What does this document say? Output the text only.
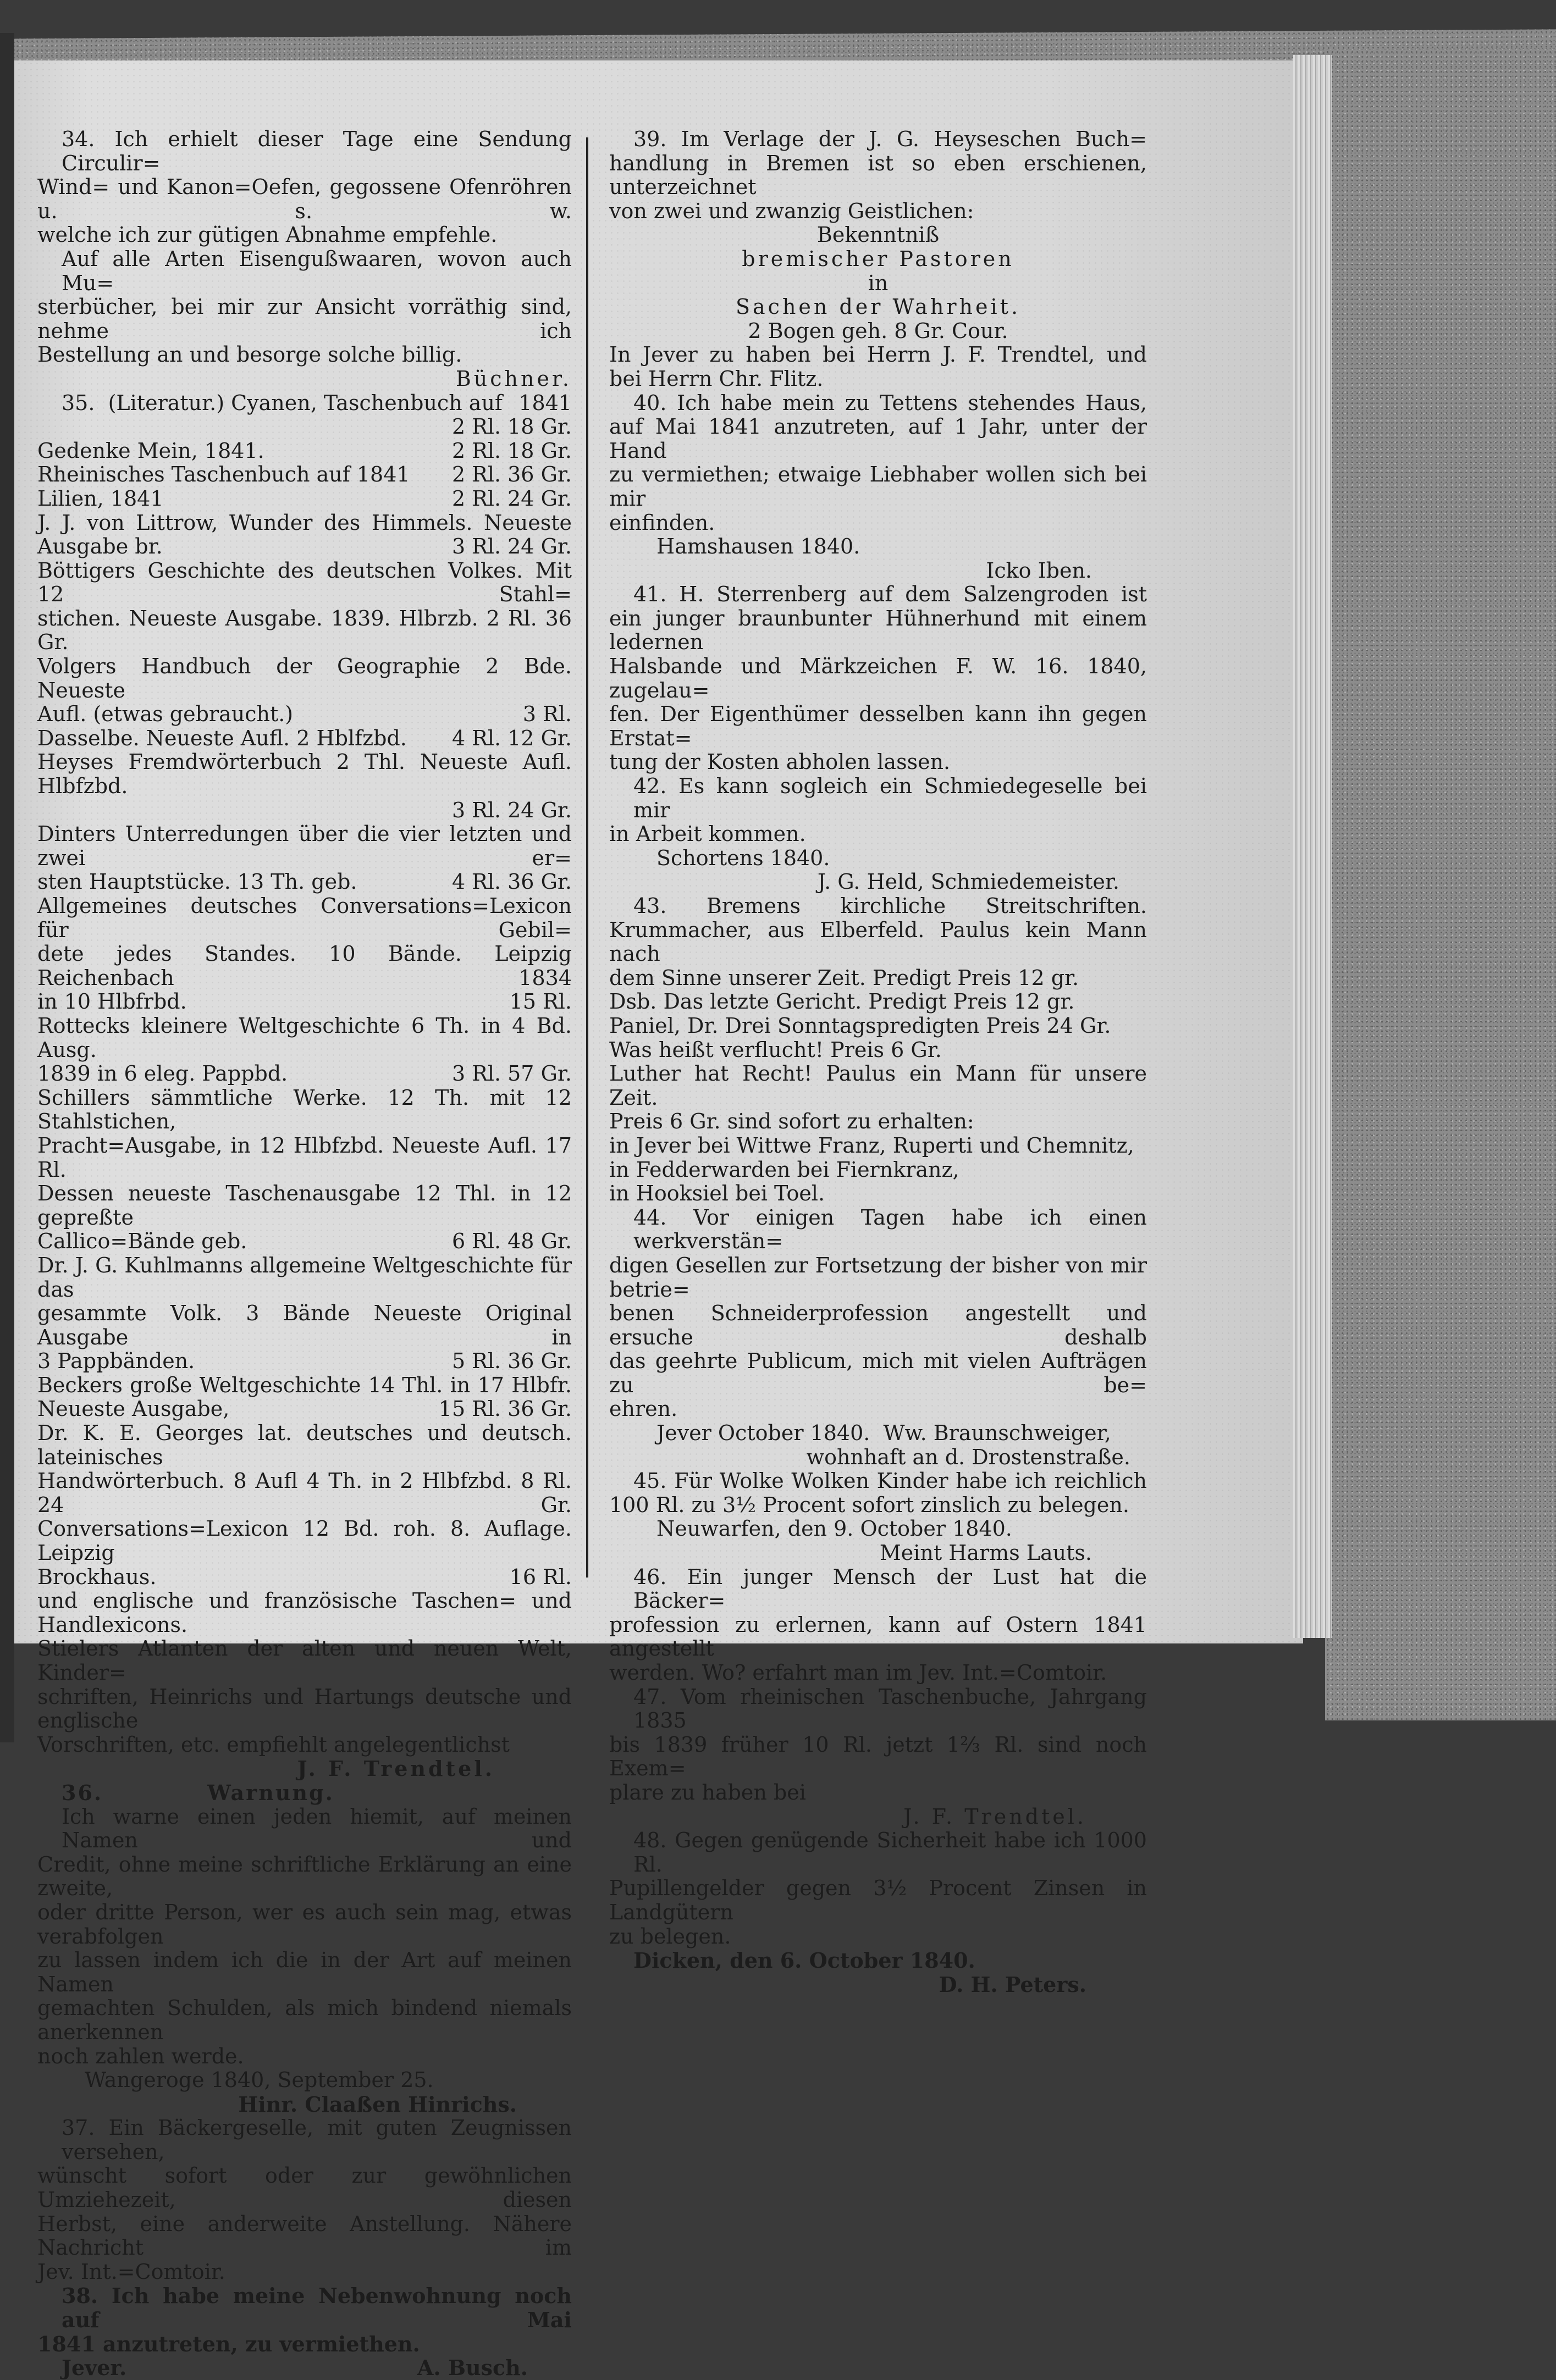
34. Ich erhielt dieser Tage eine Sendung Circulir=

Wind= und Kanon=Oefen, gegossene Ofenröhren u. s. w.

welche ich zur gütigen Abnahme empfehle.

Auf alle Arten Eisengußwaaren, wovon auch Mu=

sterbücher, bei mir zur Ansicht vorräthig sind, nehme ich

Bestellung an und besorge solche billig.

Büchner.

35.  (Literatur.) Cyanen, Taschenbuch auf 1841
2 Rl. 18 Gr.
Gedenke Mein, 1841.	2 Rl. 18 Gr.
Rheinisches Taschenbuch auf 1841 2 Rl. 36 Gr.
Lilien, 1841	2 Rl. 24 Gr.

J. J. von Littrow, Wunder des Himmels. Neueste

Ausgabe br.	3 Rl. 24 Gr.

Böttigers Geschichte des deutschen Volkes. Mit 12 Stahl=

stichen. Neueste Ausgabe. 1839. Hlbrzb. 2 Rl. 36 Gr.

Volgers Handbuch der Geographie 2 Bde. Neueste

Aufl. (etwas gebraucht.)	3 Rl.
Dasselbe. Neueste Aufl. 2 Hblfzbd. 4 Rl. 12 Gr.

Heyses Fremdwörterbuch 2 Thl. Neueste Aufl. Hlbfzbd.

3 Rl. 24 Gr.

Dinters Unterredungen über die vier letzten und zwei er=

sten Hauptstücke. 13 Th. geb.	4 Rl. 36 Gr.

Allgemeines deutsches Conversations=Lexicon für Gebil=

dete jedes Standes. 10 Bände. Leipzig Reichenbach 1834

in 10 Hlbfrbd.	15 Rl.

Rottecks kleinere Weltgeschichte 6 Th. in 4 Bd. Ausg.

1839 in 6 eleg. Pappbd.	3 Rl. 57 Gr.

Schillers sämmtliche Werke. 12 Th. mit 12 Stahlstichen,

Pracht=Ausgabe, in 12 Hlbfzbd. Neueste Aufl. 17 Rl.

Dessen neueste Taschenausgabe 12 Thl. in 12 gepreßte

Callico=Bände geb.	6 Rl. 48 Gr.

Dr. J. G. Kuhlmanns allgemeine Weltgeschichte für das

gesammte Volk. 3 Bände Neueste Original Ausgabe in

3 Pappbänden.	5 Rl. 36 Gr.

Beckers große Weltgeschichte 14 Thl. in 17 Hlbfr.

Neueste Ausgabe,	15 Rl. 36 Gr.

Dr. K. E. Georges lat. deutsches und deutsch. lateinisches

Handwörterbuch. 8 Aufl 4 Th. in 2 Hlbfzbd. 8 Rl. 24 Gr.

Conversations=Lexicon 12 Bd. roh. 8. Auflage. Leipzig

Brockhaus.	16 Rl.

und englische und französische Taschen= und Handlexicons.

Stielers Atlanten der alten und neuen Welt, Kinder=

schriften, Heinrichs und Hartungs deutsche und englische

Vorschriften, etc. empfiehlt angelegentlichst

J. F. Trendtel.

36.	Warnung.

Ich warne einen jeden hiemit, auf meinen Namen und

Credit, ohne meine schriftliche Erklärung an eine zweite,

oder dritte Person, wer es auch sein mag, etwas verabfolgen

zu lassen indem ich die in der Art auf meinen Namen

gemachten Schulden, als mich bindend niemals anerkennen

noch zahlen werde.

Wangeroge 1840, September 25.

Hinr. Claaßen Hinrichs.

37. Ein Bäckergeselle, mit guten Zeugnissen versehen,

wünscht sofort oder zur gewöhnlichen Umziehezeit, diesen

Herbst, eine anderweite Anstellung. Nähere Nachricht im

Jev. Int.=Comtoir.

38. Ich habe meine Nebenwohnung noch auf Mai

1841 anzutreten, zu vermiethen.

Jever.	A. Busch.

39. Im Verlage der J. G. Heyseschen Buch=

handlung in Bremen ist so eben erschienen, unterzeichnet

von zwei und zwanzig Geistlichen:

Bekenntniß

bremischer Pastoren

in

Sachen der Wahrheit.

2 Bogen geh. 8 Gr. Cour.

In Jever zu haben bei Herrn J. F. Trendtel, und

bei Herrn Chr. Flitz.

40. Ich habe mein zu Tettens stehendes Haus,

auf Mai 1841 anzutreten, auf 1 Jahr, unter der Hand

zu vermiethen; etwaige Liebhaber wollen sich bei mir

einfinden.

Hamshausen 1840.

Icko Iben.

41. H. Sterrenberg auf dem Salzengroden ist

ein junger braunbunter Hühnerhund mit einem ledernen

Halsbande und Märkzeichen F. W. 16. 1840, zugelau=

fen. Der Eigenthümer desselben kann ihn gegen Erstat=

tung der Kosten abholen lassen.

42. Es kann sogleich ein Schmiedegeselle bei mir

in Arbeit kommen.

Schortens 1840.

J. G. Held, Schmiedemeister.

43. Bremens kirchliche Streitschriften.

Krummacher, aus Elberfeld. Paulus kein Mann nach

dem Sinne unserer Zeit. Predigt Preis 12 gr.

Dsb. Das letzte Gericht. Predigt Preis 12 gr.

Paniel, Dr. Drei Sonntagspredigten Preis 24 Gr.

Was heißt verflucht! Preis 6 Gr.

Luther hat Recht! Paulus ein Mann für unsere Zeit.

Preis 6 Gr. sind sofort zu erhalten:

in Jever bei Wittwe Franz, Ruperti und Chemnitz,

in Fedderwarden bei Fiernkranz,

in Hooksiel bei Toel.

44. Vor einigen Tagen habe ich einen werkverstän=

digen Gesellen zur Fortsetzung der bisher von mir betrie=

benen Schneiderprofession angestellt und ersuche deshalb

das geehrte Publicum, mich mit vielen Aufträgen zu be=

ehren.

Jever October 1840.  Ww. Braunschweiger,

wohnhaft an d. Drostenstraße.

45. Für Wolke Wolken Kinder habe ich reichlich

100 Rl. zu 3½ Procent sofort zinslich zu belegen.

Neuwarfen, den 9. October 1840.

Meint Harms Lauts.

46. Ein junger Mensch der Lust hat die Bäcker=

profession zu erlernen, kann auf Ostern 1841 angestellt

werden. Wo? erfahrt man im Jev. Int.=Comtoir.

47. Vom rheinischen Taschenbuche, Jahrgang 1835

bis 1839 früher 10 Rl. jetzt 1⅔ Rl. sind noch Exem=

plare zu haben bei

J. F. Trendtel.

48. Gegen genügende Sicherheit habe ich 1000 Rl.

Pupillengelder gegen 3½ Procent Zinsen in Landgütern

zu belegen.

Dicken, den 6. October 1840.

D. H. Peters.
